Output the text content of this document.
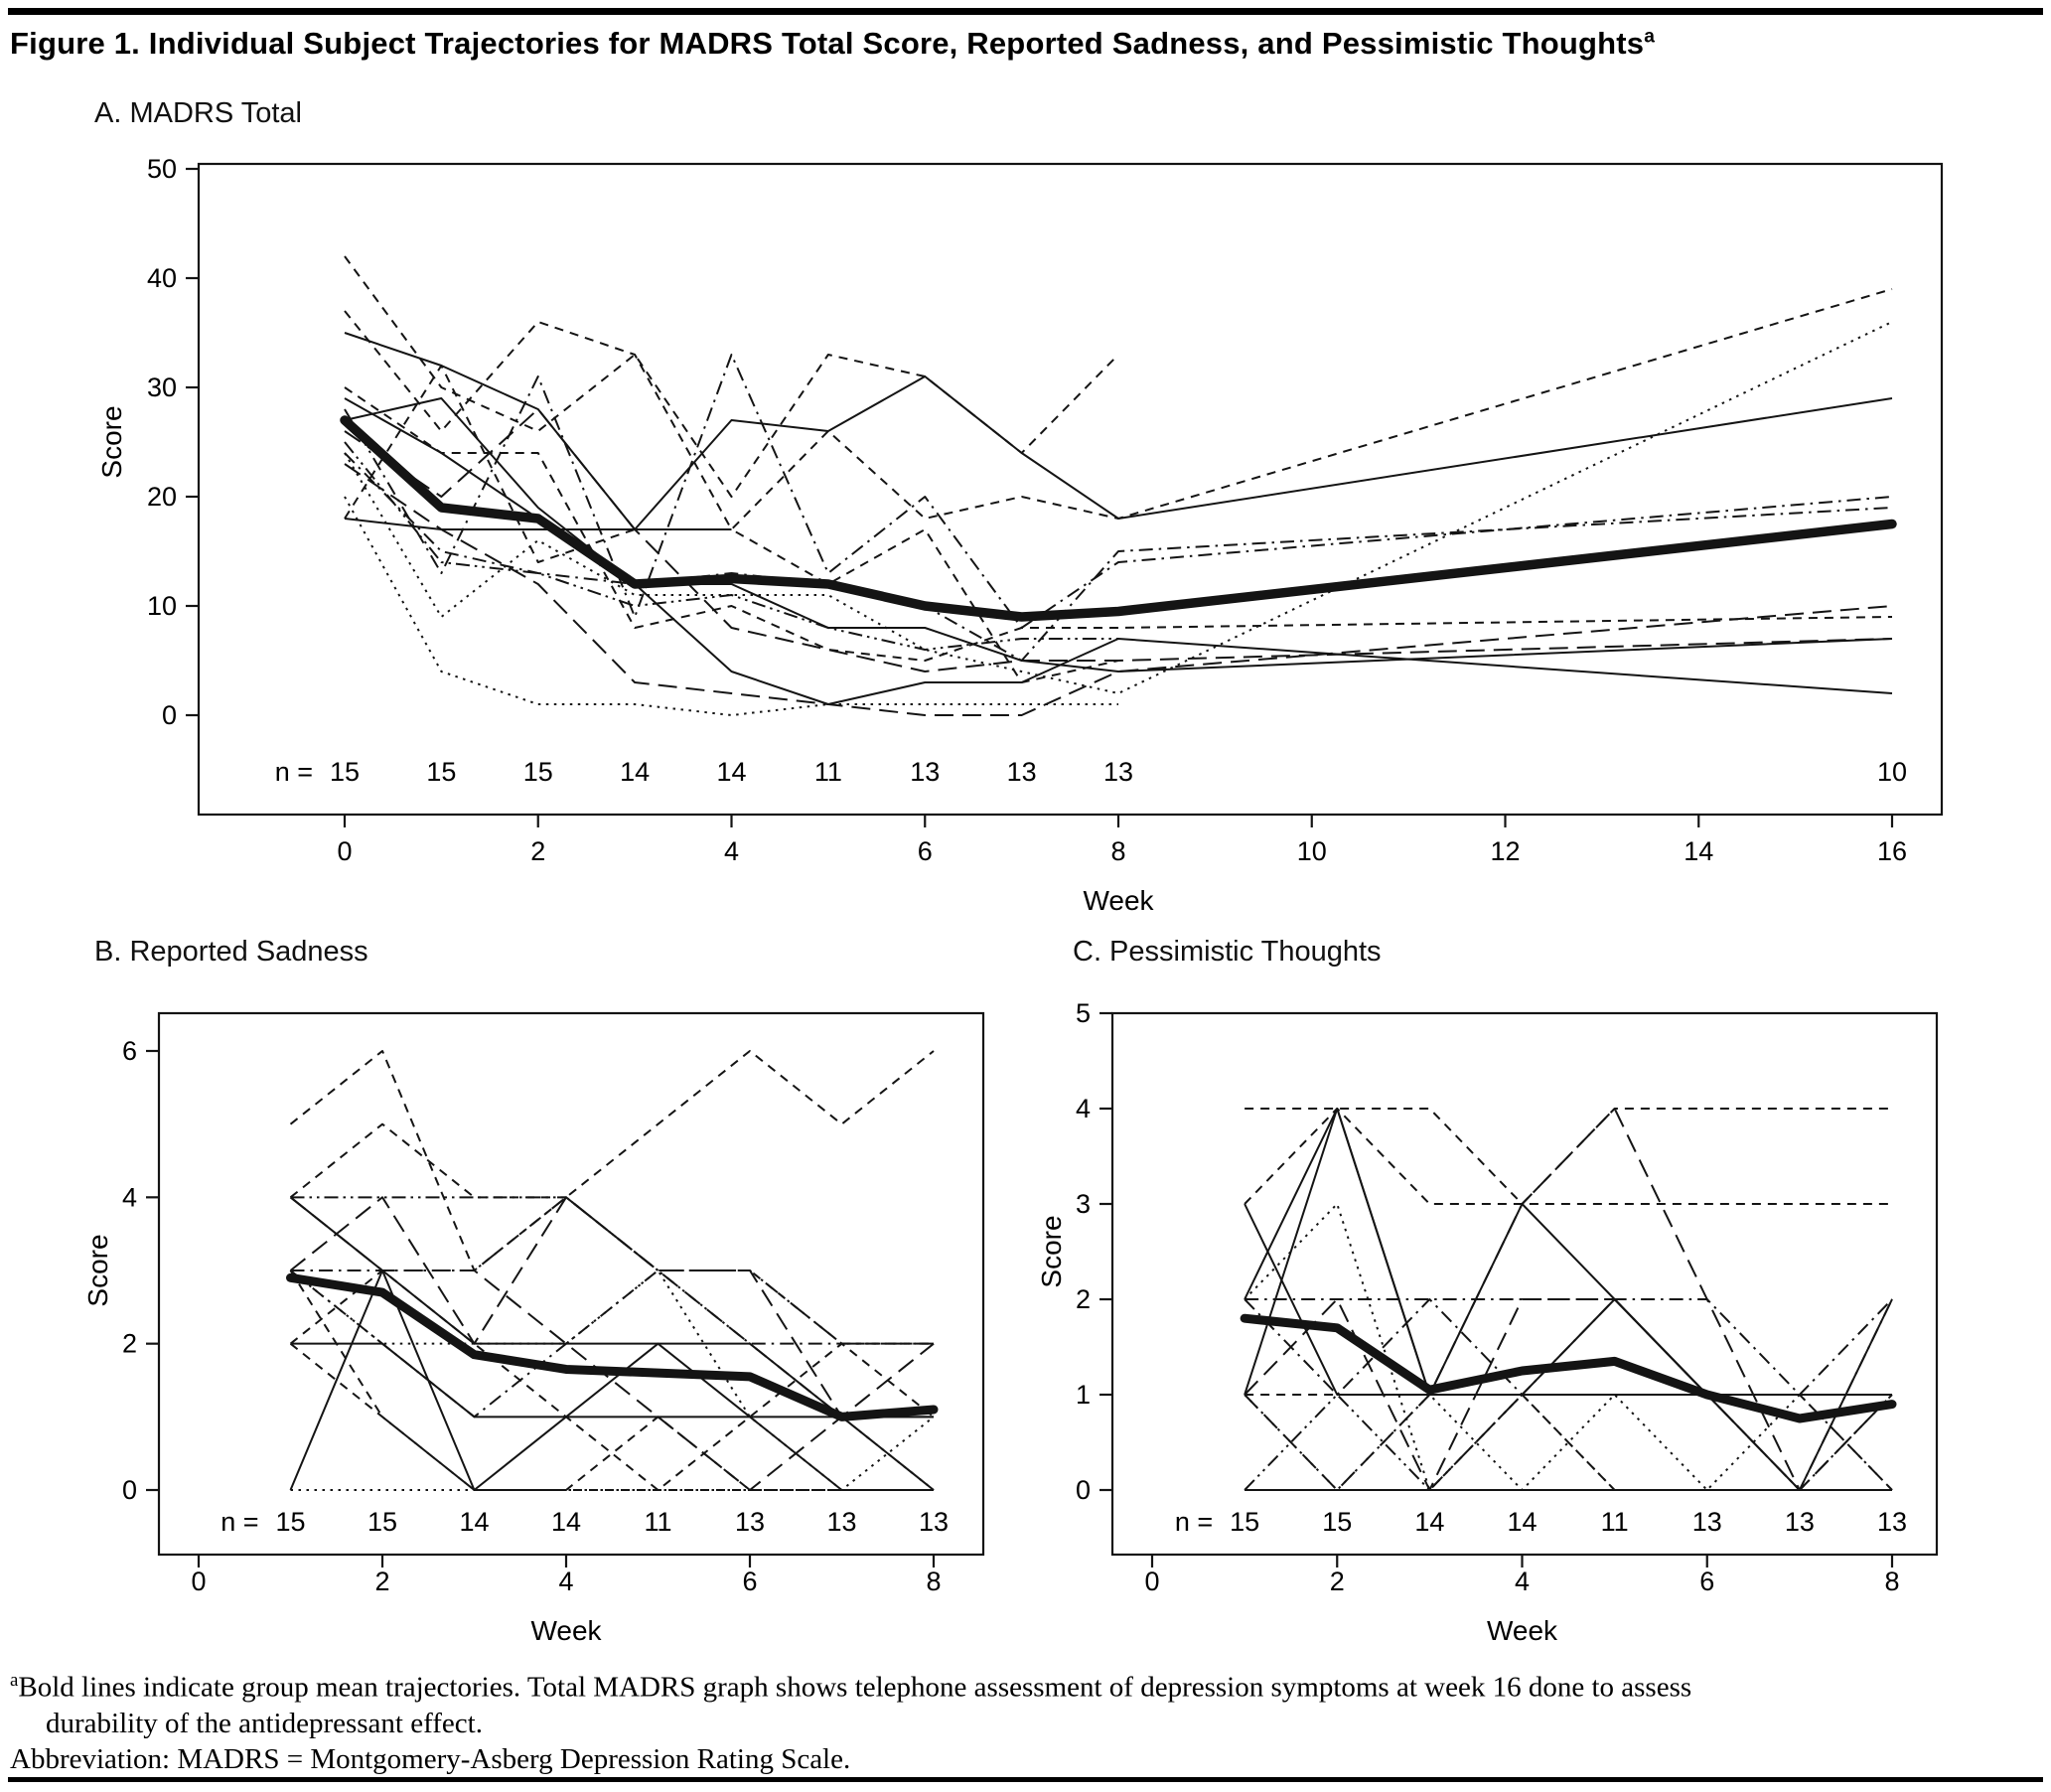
Figure 1. Individual Subject Trajectories for MADRS Total Score, Reported Sadness, and Pessimistic Thoughts$^a$
A. MADRS Total
0
10
20
30
40
50
0	2	4	6	8	10	12	14	16
n = 15 15 15 14 14	11	13 13 13	10
Week
Score
B. Reported Sadness
0
2
4
6
0	2	4	6	8
n = 15 15 14 14 11 13 13 13
Week
Score
C. Pessimistic Thoughts
0
1
2
3
4
5
0	2	4	6	8
n = 15 15 14 14 11 13 13 13
Week
Score
$^a$Bold lines indicate group mean trajectories. Total MADRS graph shows telephone assessment of depression symptoms at week 16 done to assess
durability of the antidepressant effect.
Abbreviation: MADRS = Montgomery-Asberg Depression Rating Scale.
